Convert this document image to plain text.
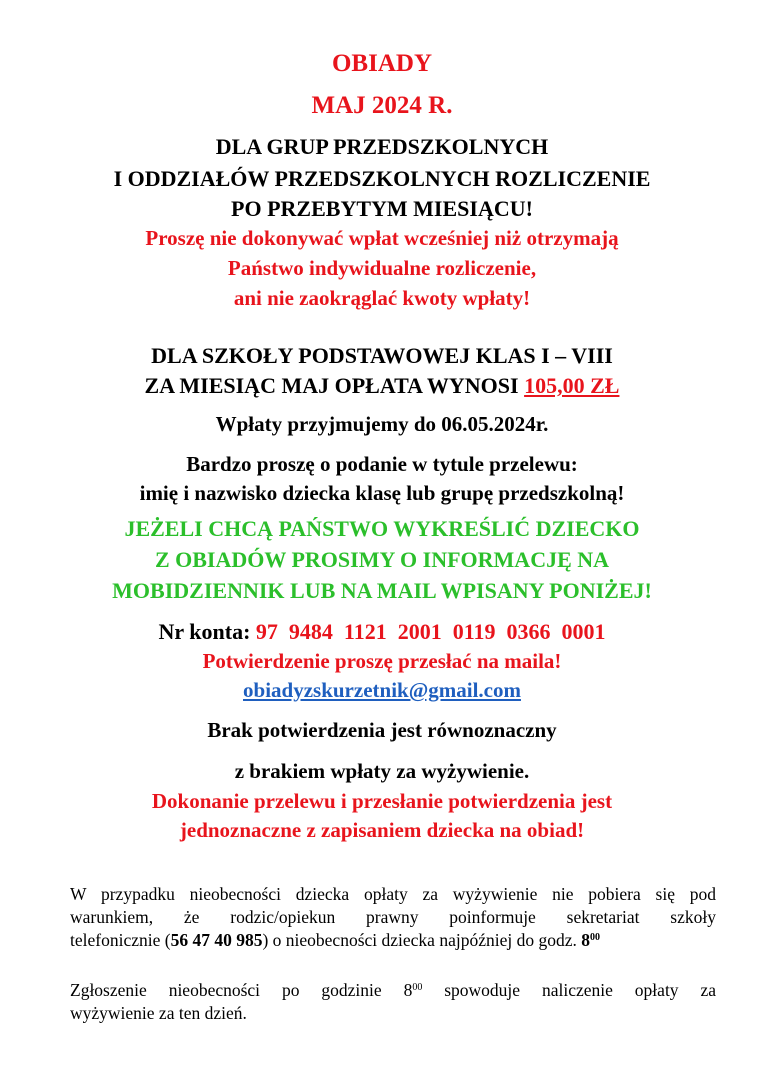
OBIADY
MAJ 2024 R.
DLA GRUP PRZEDSZKOLNYCH
I ODDZIAŁÓW PRZEDSZKOLNYCH ROZLICZENIE
PO PRZEBYTYM MIESIĄCU!
Proszę nie dokonywać wpłat wcześniej niż otrzymają
Państwo indywidualne rozliczenie,
ani nie zaokrąglać kwoty wpłaty!
DLA SZKOŁY PODSTAWOWEJ KLAS I – VIII
ZA MIESIĄC MAJ OPŁATA WYNOSI 105,00 ZŁ
Wpłaty przyjmujemy do 06.05.2024r.
Bardzo proszę o podanie w tytule przelewu:
imię i nazwisko dziecka klasę lub grupę przedszkolną!
JEŻELI CHCĄ PAŃSTWO WYKREŚLIĆ DZIECKO
Z OBIADÓW PROSIMY O INFORMACJĘ NA
MOBIDZIENNIK LUB NA MAIL WPISANY PONIŻEJ!
Nr konta: 97  9484  1121  2001  0119  0366  0001
Potwierdzenie proszę przesłać na maila!
obiadyzskurzetnik@gmail.com
Brak potwierdzenia jest równoznaczny
z brakiem wpłaty za wyżywienie.
Dokonanie przelewu i przesłanie potwierdzenia jest
jednoznaczne z zapisaniem dziecka na obiad!
W przypadku nieobecności dziecka opłaty za wyżywienie nie pobiera się pod
warunkiem, że rodzic/opiekun prawny poinformuje sekretariat szkoły
telefonicznie (56 47 40 985) o nieobecności dziecka najpóźniej do godz. $8^{00}$
Zgłoszenie nieobecności po godzinie $8^{00}$ spowoduje naliczenie opłaty za
wyżywienie za ten dzień.
